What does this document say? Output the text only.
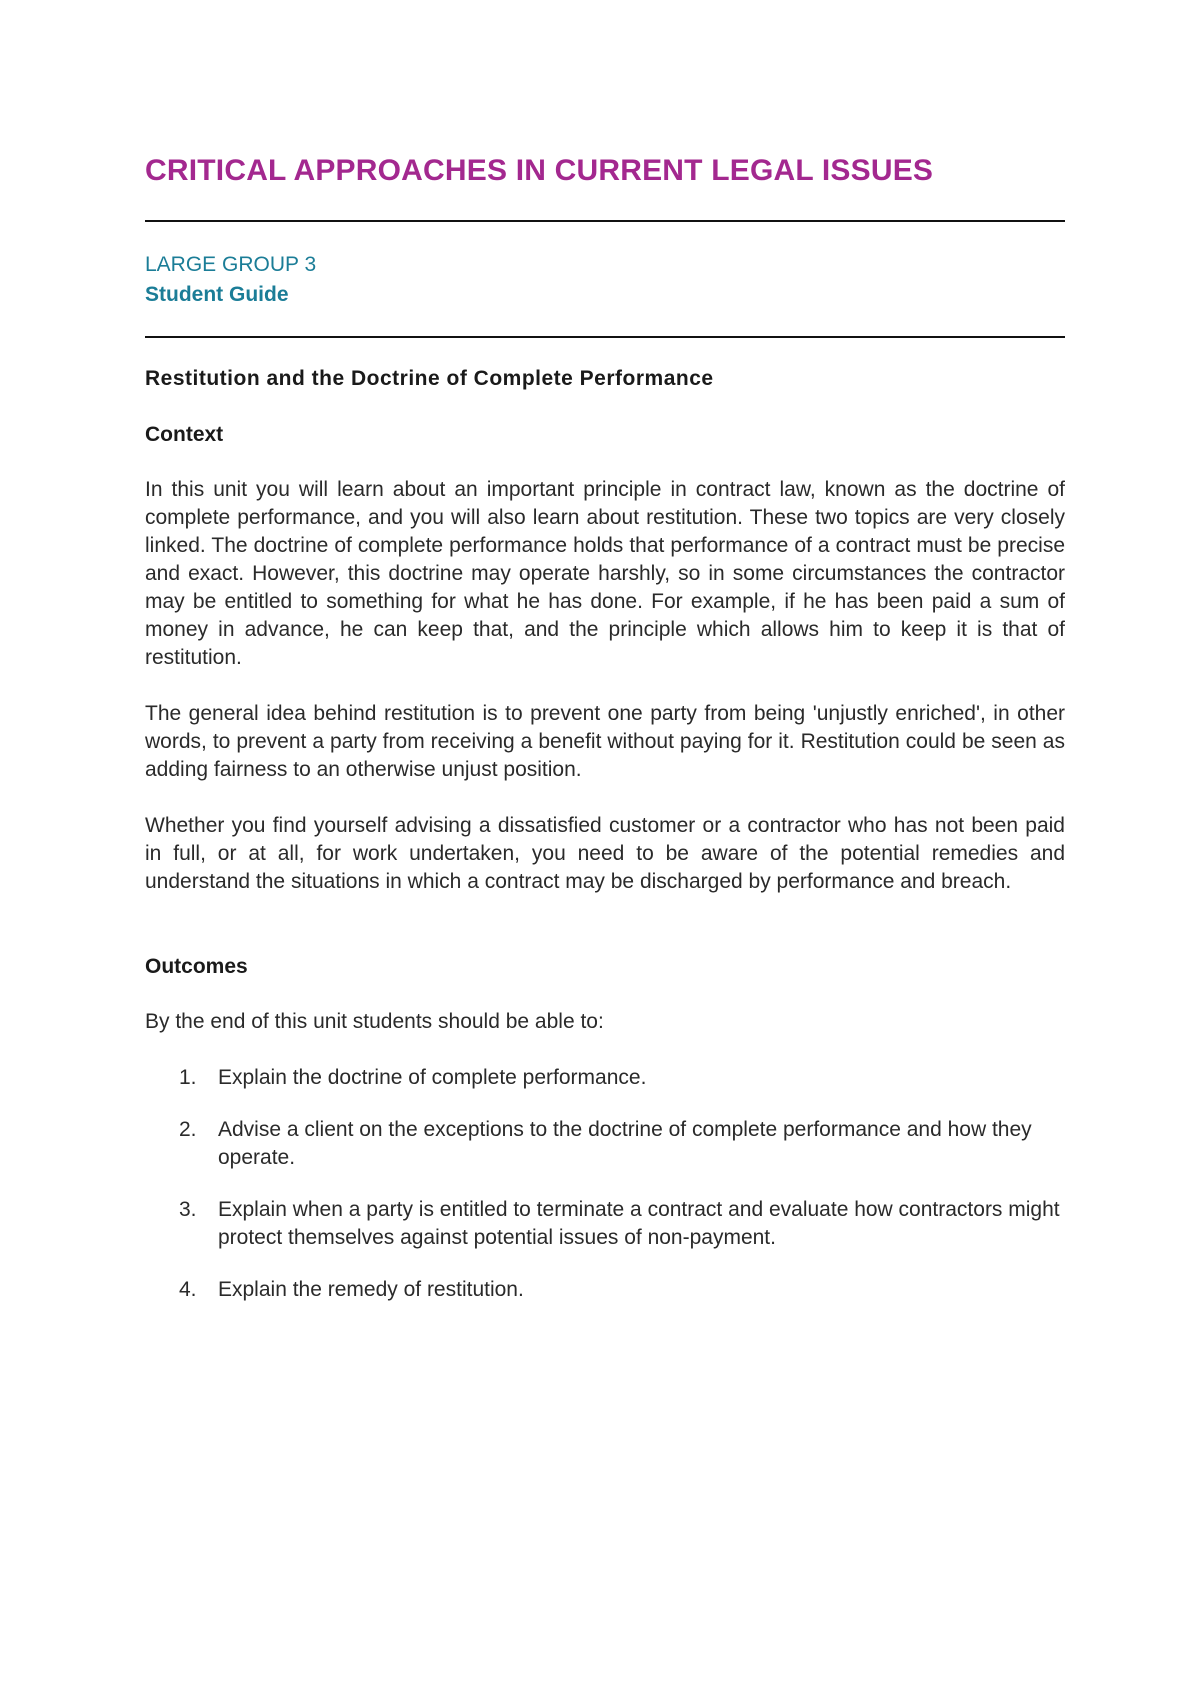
CRITICAL APPROACHES IN CURRENT LEGAL ISSUES
LARGE GROUP 3
Student Guide
Restitution and the Doctrine of Complete Performance
Context

In this unit you will learn about an important principle in contract law, known as the doctrine of complete performance, and you will also learn about restitution. These two topics are very closely linked. The doctrine of complete performance holds that performance of a contract must be precise and exact. However, this doctrine may operate harshly, so in some circumstances the contractor may be entitled to something for what he has done. For example, if he has been paid a sum of money in advance, he can keep that, and the principle which allows him to keep it is that of restitution.

The general idea behind restitution is to prevent one party from being 'unjustly enriched', in other words, to prevent a party from receiving a benefit without paying for it. Restitution could be seen as adding fairness to an otherwise unjust position.

Whether you find yourself advising a dissatisfied customer or a contractor who has not been paid in full, or at all, for work undertaken, you need to be aware of the potential remedies and understand the situations in which a contract may be discharged by performance and breach.

Outcomes

By the end of this unit students should be able to:

1. Explain the doctrine of complete performance.
2. Advise a client on the exceptions to the doctrine of complete performance and how they operate.
3. Explain when a party is entitled to terminate a contract and evaluate how contractors might protect themselves against potential issues of non-payment.
4. Explain the remedy of restitution.
